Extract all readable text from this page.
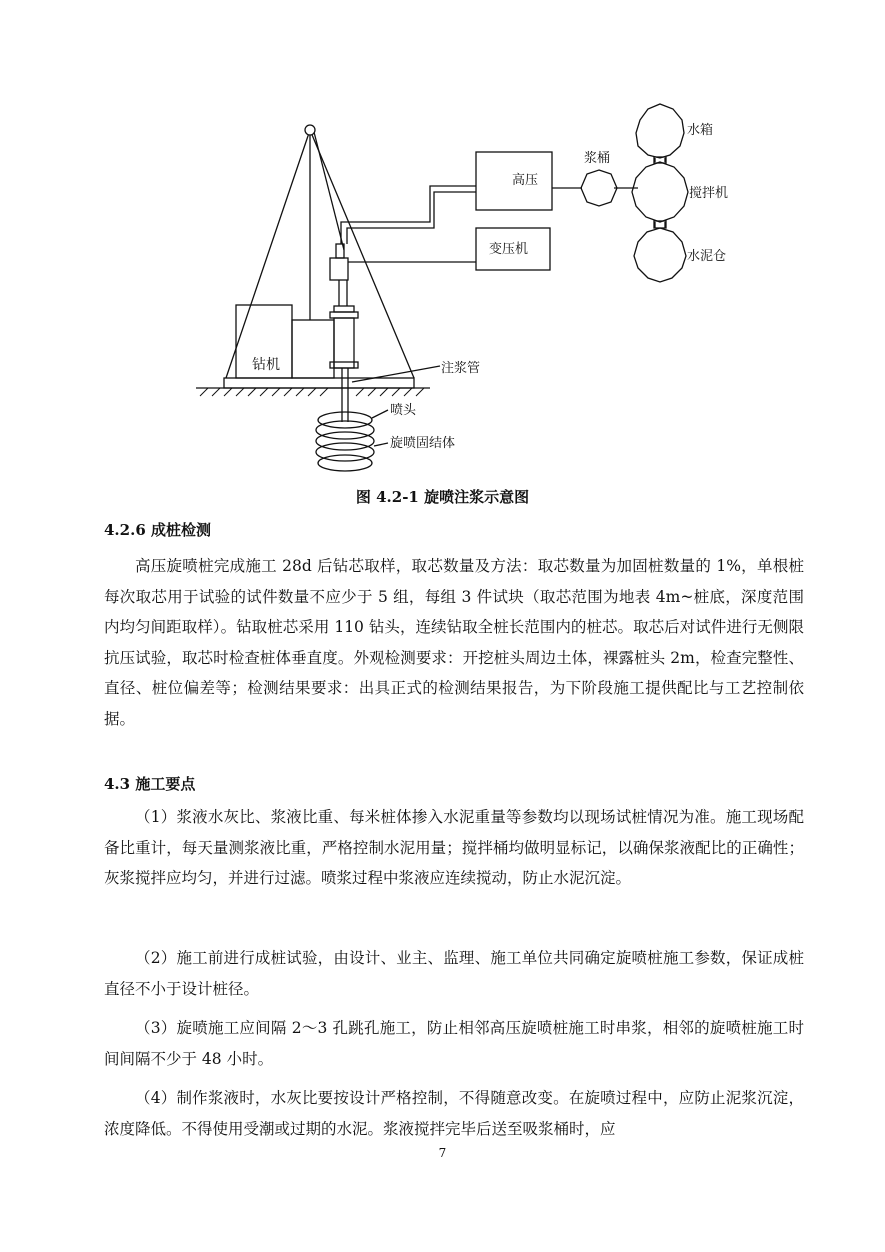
高压
变压机
浆桶
水箱
搅拌机
水泥仓
钻机	注浆管
喷头
旋喷固结体
图 4.2-1 旋喷注浆示意图
4.2.6 成桩检测

高压旋喷桩完成施工 28d 后钻芯取样，取芯数量及方法：取芯数量为加固桩数量的 1%，单根桩每次取芯用于试验的试件数量不应少于 5 组，每组 3 件试块（取芯范围为地表 4m~桩底，深度范围内均匀间距取样）。钻取桩芯采用 110 钻头，连续钻取全桩长范围内的桩芯。取芯后对试件进行无侧限抗压试验，取芯时检查桩体垂直度。外观检测要求：开挖桩头周边土体，裸露桩头 2m，检查完整性、直径、桩位偏差等；检测结果要求：出具正式的检测结果报告，为下阶段施工提供配比与工艺控制依据。

4.3 施工要点

（1）浆液水灰比、浆液比重、每米桩体掺入水泥重量等参数均以现场试桩情况为准。施工现场配备比重计，每天量测浆液比重，严格控制水泥用量；搅拌桶均做明显标记，以确保浆液配比的正确性；灰浆搅拌应均匀，并进行过滤。喷浆过程中浆液应连续搅动，防止水泥沉淀。

（2）施工前进行成桩试验，由设计、业主、监理、施工单位共同确定旋喷桩施工参数，保证成桩直径不小于设计桩径。

（3）旋喷施工应间隔 2～3 孔跳孔施工，防止相邻高压旋喷桩施工时串浆，相邻的旋喷桩施工时间间隔不少于 48 小时。

（4）制作浆液时，水灰比要按设计严格控制，不得随意改变。在旋喷过程中，应防止泥浆沉淀，浓度降低。不得使用受潮或过期的水泥。浆液搅拌完毕后送至吸浆桶时，应

7
